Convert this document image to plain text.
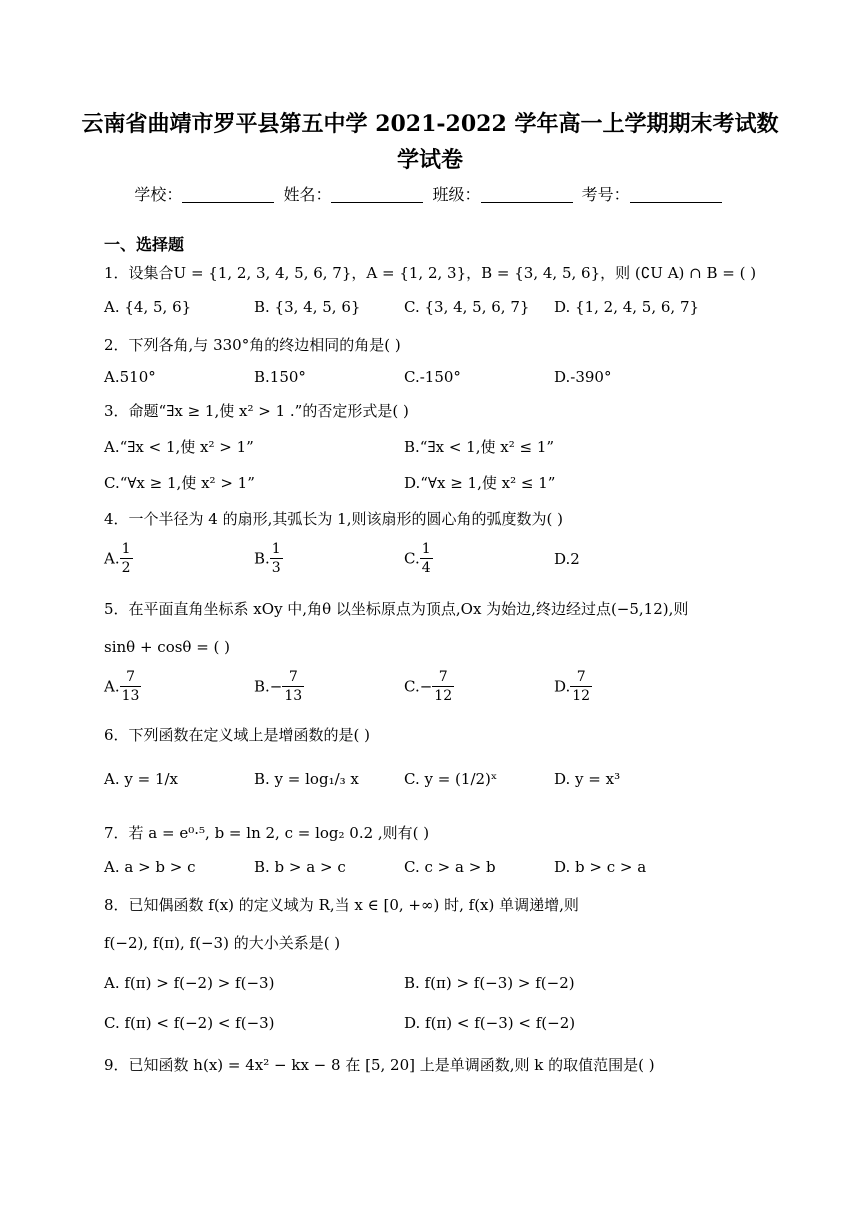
云南省曲靖市罗平县第五中学 2021-2022 学年高一上学期期末考试数
学试卷
学校：	姓名：	班级：	考号：
一、选择题
1．设集合U = {1, 2, 3, 4, 5, 6, 7}，A = {1, 2, 3}，B = {3, 4, 5, 6}，则 (∁U A) ∩ B = ( )
A. {4, 5, 6}	B. {3, 4, 5, 6}	C. {3, 4, 5, 6, 7} D. {1, 2, 4, 5, 6, 7}
2．下列各角,与 330°角的终边相同的角是( )
A.510°	B.150°	C.-150°	D.-390°
3．命题“∃x ≥ 1,使 x² > 1 .”的否定形式是( )
A.“∃x < 1,使 x² > 1”	B.“∃x < 1,使 x² ≤ 1”
C.“∀x ≥ 1,使 x² > 1”	D.“∀x ≥ 1,使 x² ≤ 1”
4．一个半径为 4 的扇形,其弧长为 1,则该扇形的圆心角的弧度数为( )
A. $\frac{1}{2}$	B. $\frac{1}{3}$	C. $\frac{1}{4}$	D.2
5．在平面直角坐标系 xOy 中,角θ 以坐标原点为顶点,Ox 为始边,终边经过点(−5,12),则
sinθ + cosθ = ( )
A. $\frac{7}{13}$	$B.- \frac{7}{13}$	$C.- \frac{7}{12}$	D. $\frac{7}{12}$
6．下列函数在定义域上是增函数的是( )
A. y = 1/x	B. y = log₁/₃ x	C. y = (1/2)ˣ	D. y = x³
7．若 a = e⁰·⁵, b = ln 2, c = log₂ 0.2 ,则有( )
A. a > b > c	B. b > a > c	C. c > a > b	D. b > c > a
8．已知偶函数 f(x) 的定义域为 R,当 x ∈ [0, +∞) 时, f(x) 单调递增,则
f(−2), f(π), f(−3) 的大小关系是( )
A. f(π) > f(−2) > f(−3)	B. f(π) > f(−3) > f(−2)
C. f(π) < f(−2) < f(−3)	D. f(π) < f(−3) < f(−2)
9．已知函数 h(x) = 4x² − kx − 8 在 [5, 20] 上是单调函数,则 k 的取值范围是( )
